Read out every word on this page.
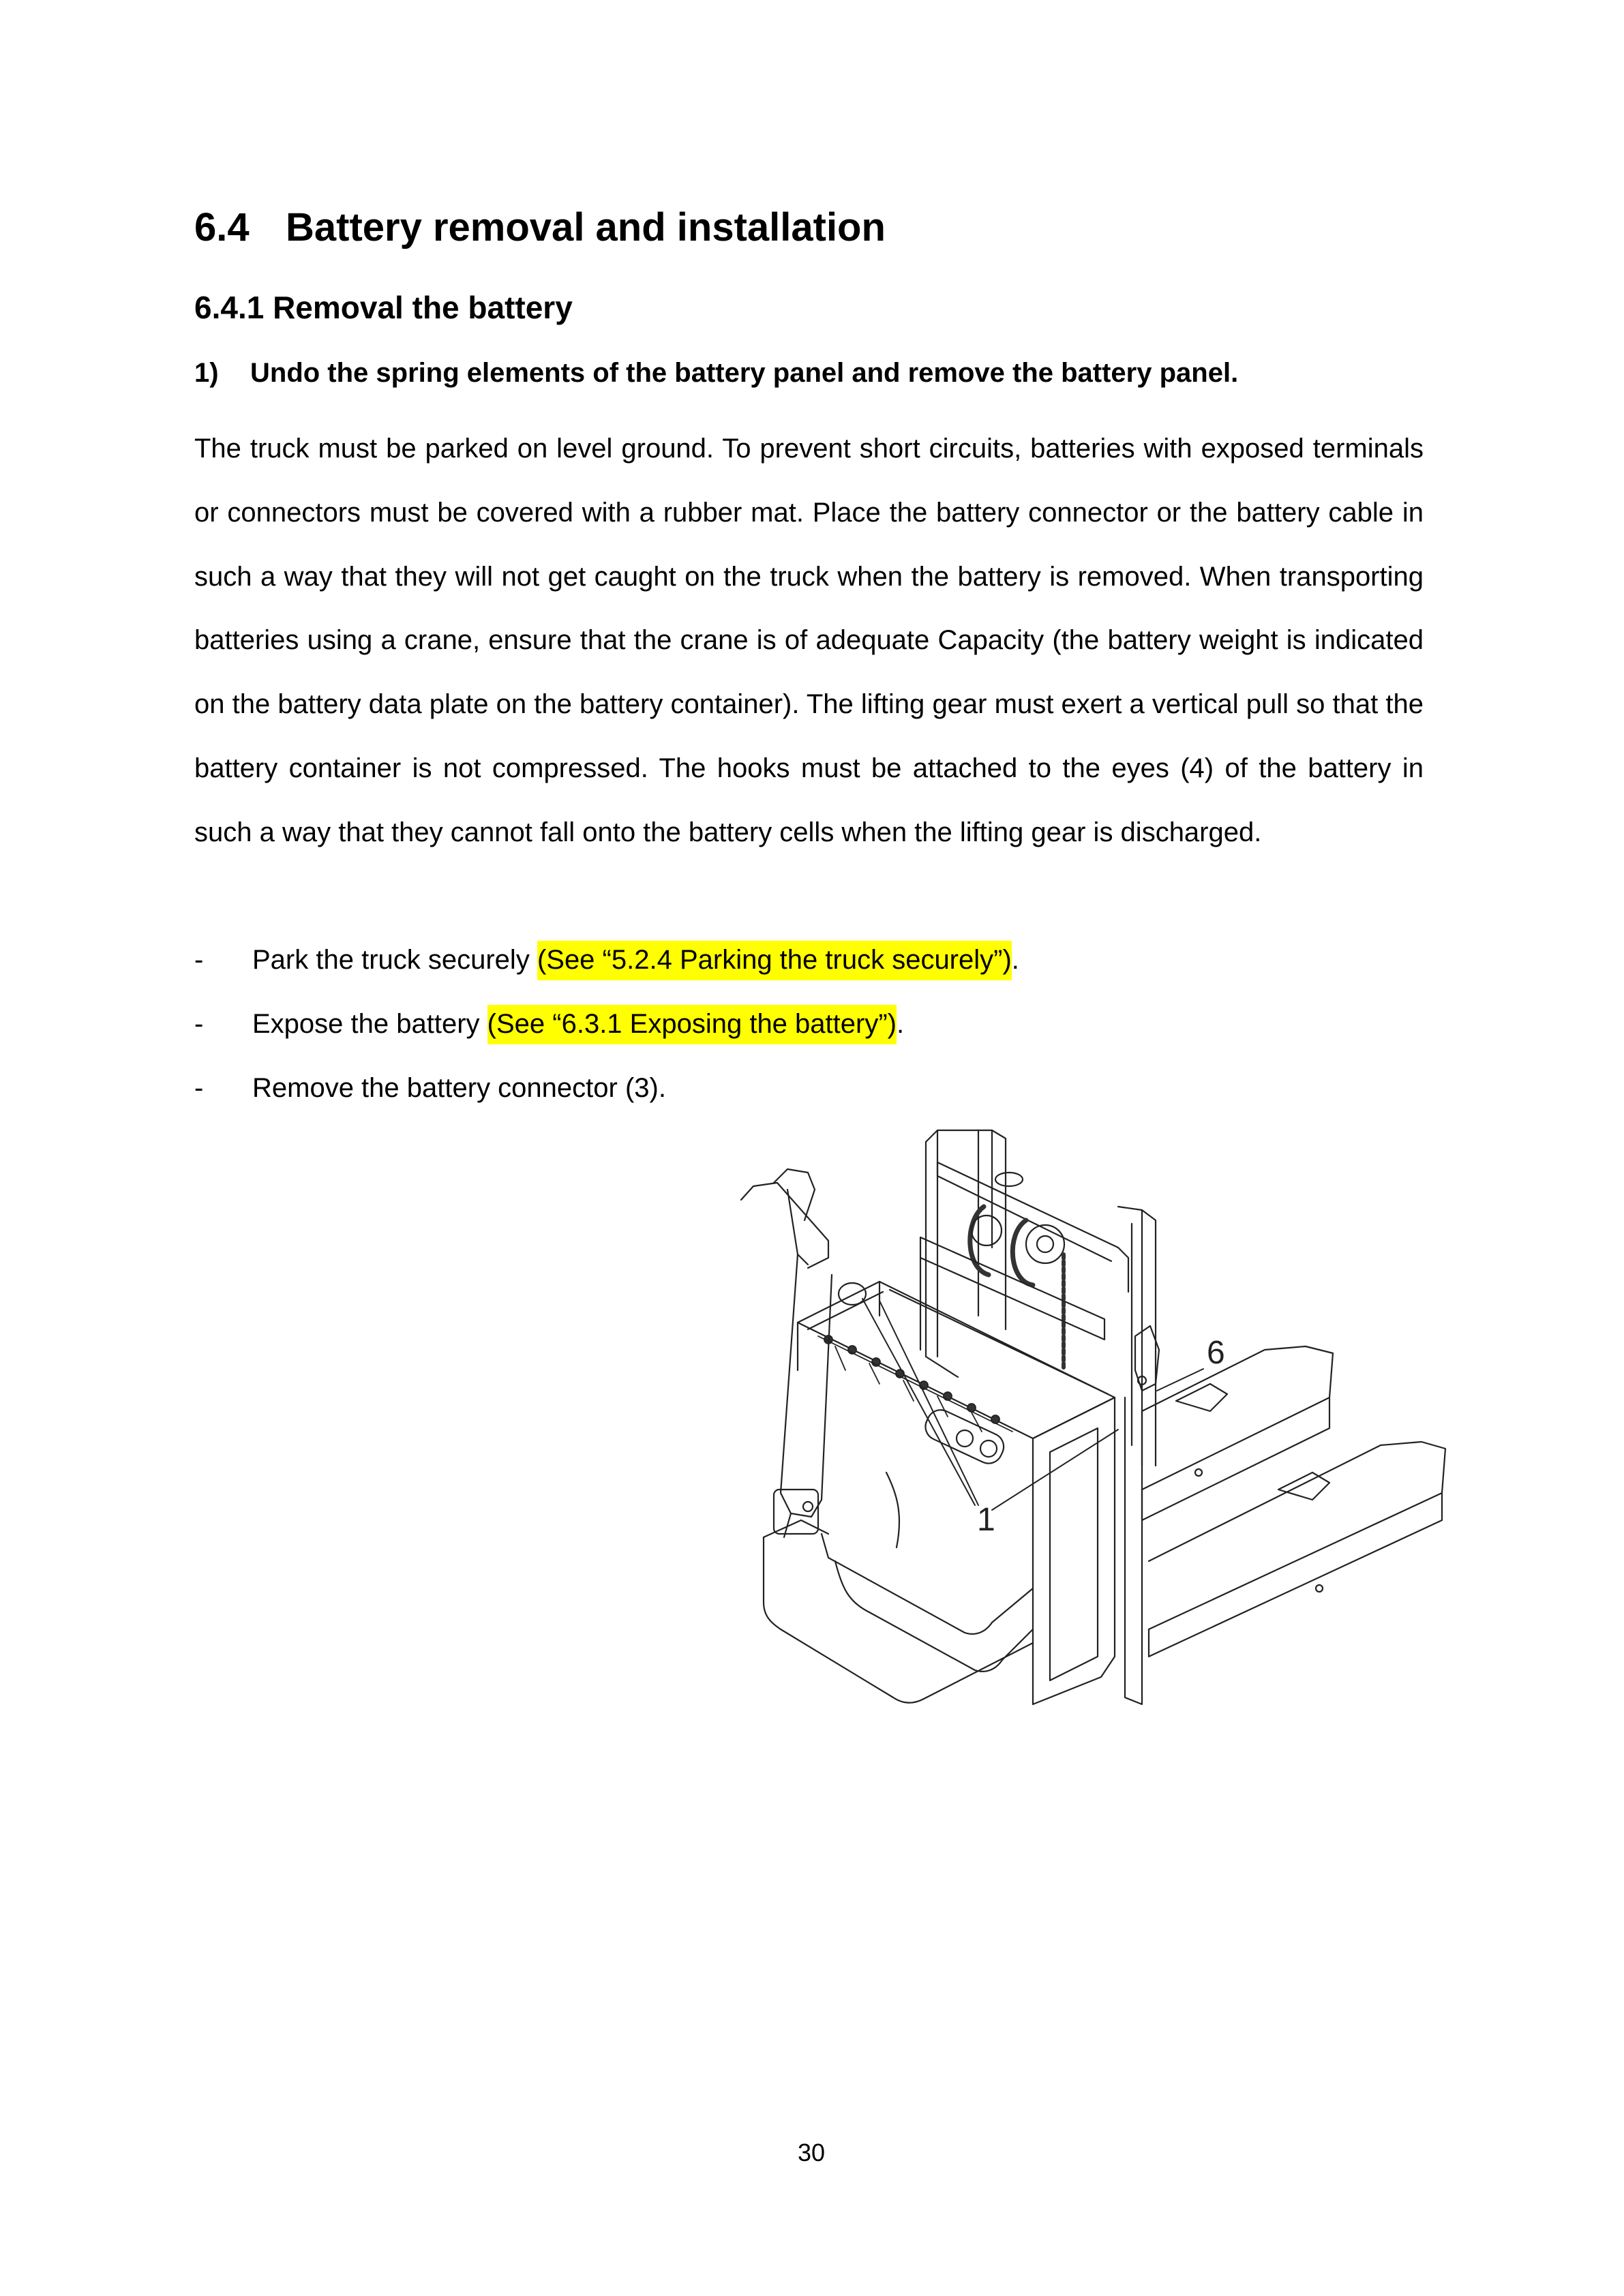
6.4 Battery removal and installation
6.4.1 Removal the battery
1) Undo the spring elements of the battery panel and remove the battery panel.
The truck must be parked on level ground. To prevent short circuits, batteries with exposed terminals or connectors must be covered with a rubber mat. Place the battery connector or the battery cable in such a way that they will not get caught on the truck when the battery is removed. When transporting batteries using a crane, ensure that the crane is of adequate Capacity (the battery weight is indicated on the battery data plate on the battery container). The lifting gear must exert a vertical pull so that the battery container is not compressed. The hooks must be attached to the eyes (4) of the battery in such a way that they cannot fall onto the battery cells when the lifting gear is discharged.
-	Park the truck securely (See “5.2.4 Parking the truck securely”).
-	Expose the battery (See “6.3.1 Exposing the battery”).
-	Remove the battery connector (3).
1
6
30
